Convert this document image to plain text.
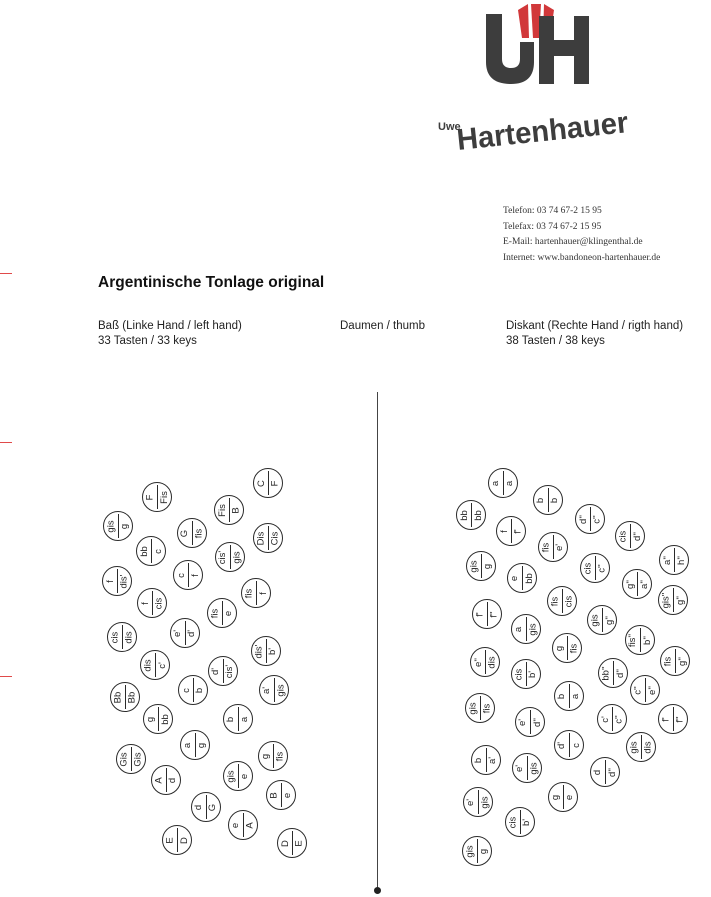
Uwe
Hartenhauer
Telefon: 03 74 67-2 15 95
Telefax: 03 74 67-2 15 95
E-Mail: hartenhauer@klingenthal.de
Internet: www.bandoneon-hartenhauer.de
Argentinische Tonlage original
Baß (Linke Hand / left hand)
33 Tasten / 33 keys
Daumen / thumb	Diskant (Rechte Hand / rigth hand)
38 Tasten / 38 keys
C F
F Fis
gis g
Fis B
G fis
bb c
Dis Cis
cis' gis
c f
f dis'
fis f
f cis
fis e
cis dis	e' d'
dis' b'
dis c'
d' cis'
Bb Bb
c b	a' gis
g bb	b a
Gis Gis
a g
g fis
gis e
A d
d G
B e
e A
E D	D E
a a
b b
bb bb
f f'
d'' c''
fis e'
cis c''
a'' h''
gis g
cis d''
e bb
g'' a''
fis cis	gis'' g''
f' f''	gis g''
a gis
fis'' b''
e'' dis
g fis
bb'' d''
fis g''
cis b'
c'' e''
b a
gis fis
e' d''	c' c''	f' f''
d' c	gis dis
b a'
e' gis	d d''
g e
e' gis
cis b'
gis g
